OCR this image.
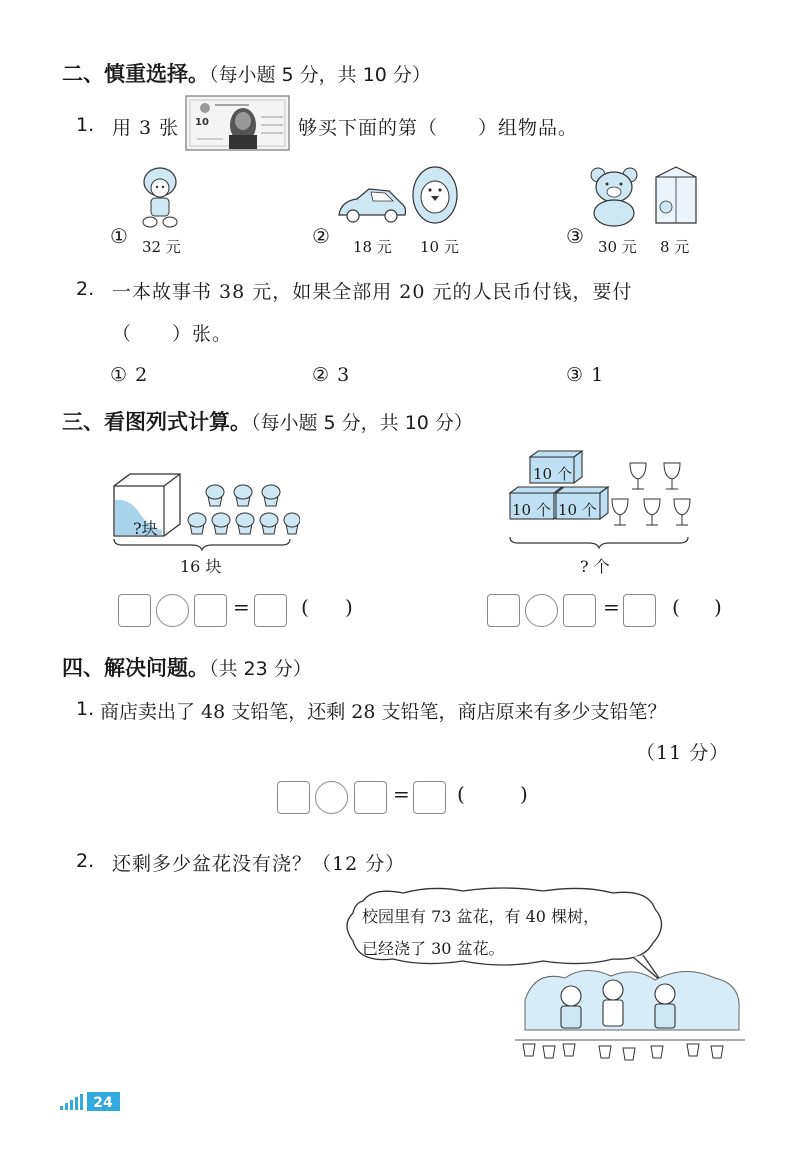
二、慎重选择。（每小题 5 分，共 10 分）
1. 用 3 张 10	够买下面的第（　　）组物品。
① 32 元	② 18 元 10 元	③ 30 元 8 元
2. 一本故事书 38 元，如果全部用 20 元的人民币付钱，要付
（　　）张。
① 2	② 3	③ 1
三、看图列式计算。（每小题 5 分，共 10 分）
?块
16 块
10 个
10 个 10 个
? 个
=	( )	=	( )
四、解决问题。（共 23 分）
1. 商店卖出了 48 支铅笔，还剩 28 支铅笔，商店原来有多少支铅笔？
（11 分）
= (	)
2. 还剩多少盆花没有浇？（12 分）
校园里有 73 盆花，有 40 棵树，
已经浇了 30 盆花。
24
